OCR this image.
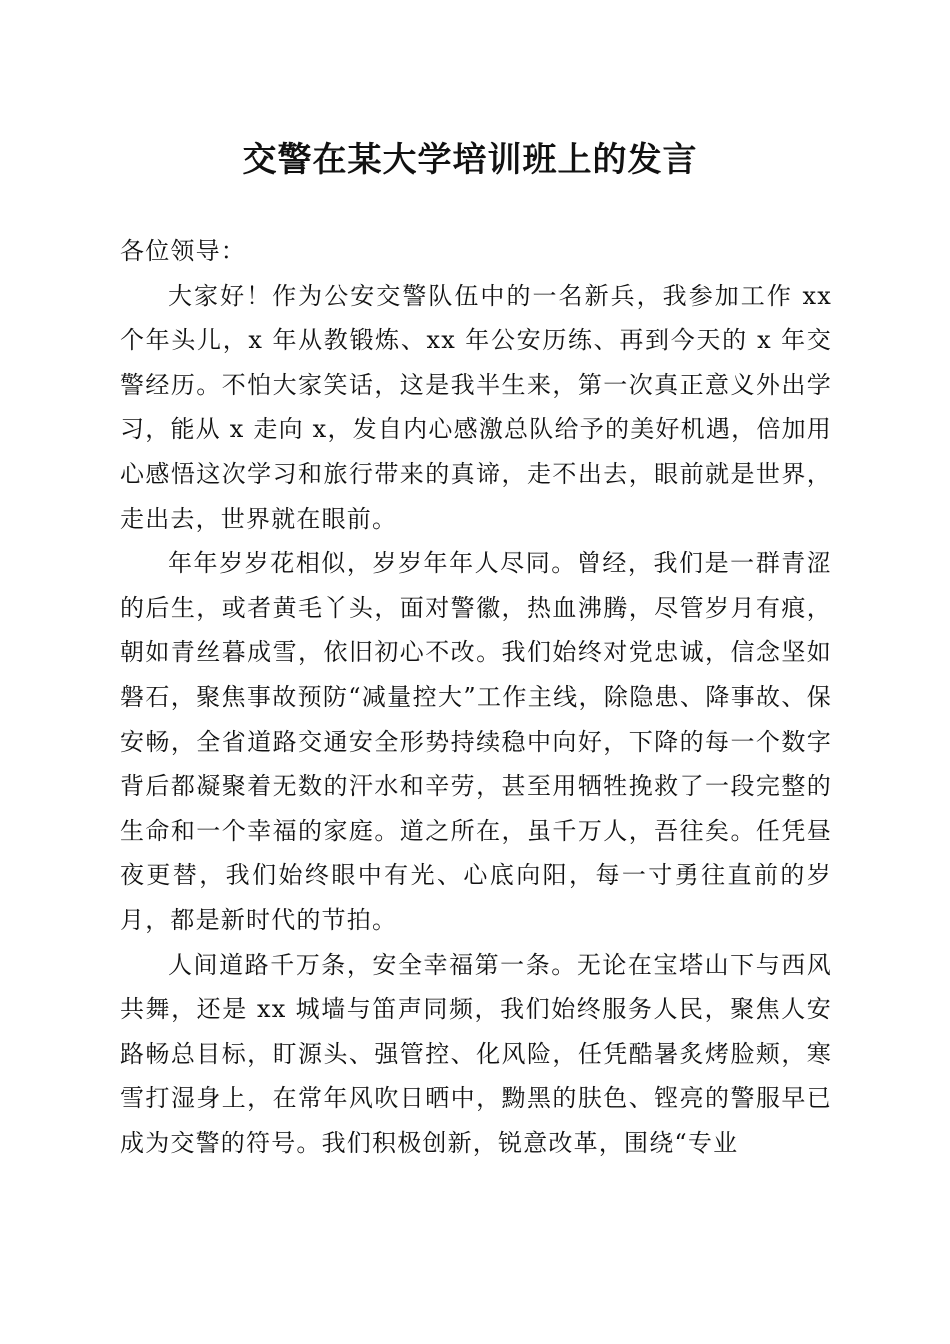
交警在某大学培训班上的发言

各位领导：

大家好！作为公安交警队伍中的一名新兵，我参加工作 xx 个年头儿，x 年从教锻炼、xx 年公安历练、再到今天的 x 年交警经历。不怕大家笑话，这是我半生来，第一次真正意义外出学习，能从 x 走向 x，发自内心感激总队给予的美好机遇，倍加用心感悟这次学习和旅行带来的真谛，走不出去，眼前就是世界，走出去，世界就在眼前。

年年岁岁花相似，岁岁年年人尽同。曾经，我们是一群青涩的后生，或者黄毛丫头，面对警徽，热血沸腾，尽管岁月有痕，朝如青丝暮成雪，依旧初心不改。我们始终对党忠诚，信念坚如磐石，聚焦事故预防“减量控大”工作主线，除隐患、降事故、保安畅，全省道路交通安全形势持续稳中向好，下降的每一个数字背后都凝聚着无数的汗水和辛劳，甚至用牺牲挽救了一段完整的生命和一个幸福的家庭。道之所在，虽千万人，吾往矣。任凭昼夜更替，我们始终眼中有光、心底向阳，每一寸勇往直前的岁月，都是新时代的节拍。

人间道路千万条，安全幸福第一条。无论在宝塔山下与西风共舞，还是 xx 城墙与笛声同频，我们始终服务人民，聚焦人安路畅总目标，盯源头、强管控、化风险，任凭酷暑炙烤脸颊，寒雪打湿身上，在常年风吹日晒中，黝黑的肤色、铿亮的警服早已成为交警的符号。我们积极创新，锐意改革，围绕“专业
